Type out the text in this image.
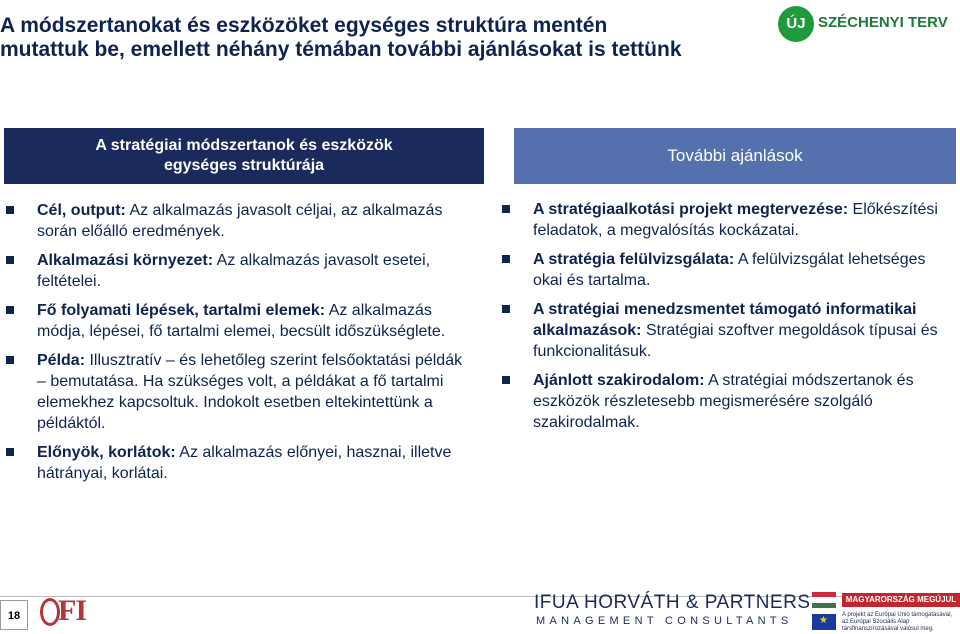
A módszertanokat és eszközöket egységes struktúra mentén
mutattuk be, emellett néhány témában további ajánlásokat is tettünk
ÚJ SZÉCHENYI TERV
A stratégiai módszertanok és eszközök
egységes struktúrája
További ajánlások
Cél, output: Az alkalmazás javasolt céljai, az alkalmazás során előálló eredmények.
Alkalmazási környezet: Az alkalmazás javasolt esetei, feltételei.
Fő folyamati lépések, tartalmi elemek: Az alkalmazás módja, lépései, fő tartalmi elemei, becsült időszükséglete.
Példa: Illusztratív – és lehetőleg szerint felsőoktatási példák – bemutatása. Ha szükséges volt, a példákat a fő tartalmi elemekhez kapcsoltuk. Indokolt esetben eltekintettünk a példáktól.
Előnyök, korlátok: Az alkalmazás előnyei, hasznai, illetve hátrányai, korlátai.
A stratégiaalkotási projekt megtervezése: Előkészítési feladatok, a megvalósítás kockázatai.
A stratégia felülvizsgálata: A felülvizsgálat lehetséges okai és tartalma.
A stratégiai menedzsmentet támogató informatikai alkalmazások: Stratégiai szoftver megoldások típusai és funkcionalitásuk.
Ajánlott szakirodalom: A stratégiai módszertanok és eszközök részletesebb megismerésére szolgáló szakirodalmak.
18 FI	IFUA HORVÁTH & PARTNERS
MANAGEMENT CONSULTANTS
MAGYARORSZÁG MEGÚJUL
★
A projekt az Európai Unió támogatásával, az Európai Szociális Alap társfinanszírozásával valósul meg.
